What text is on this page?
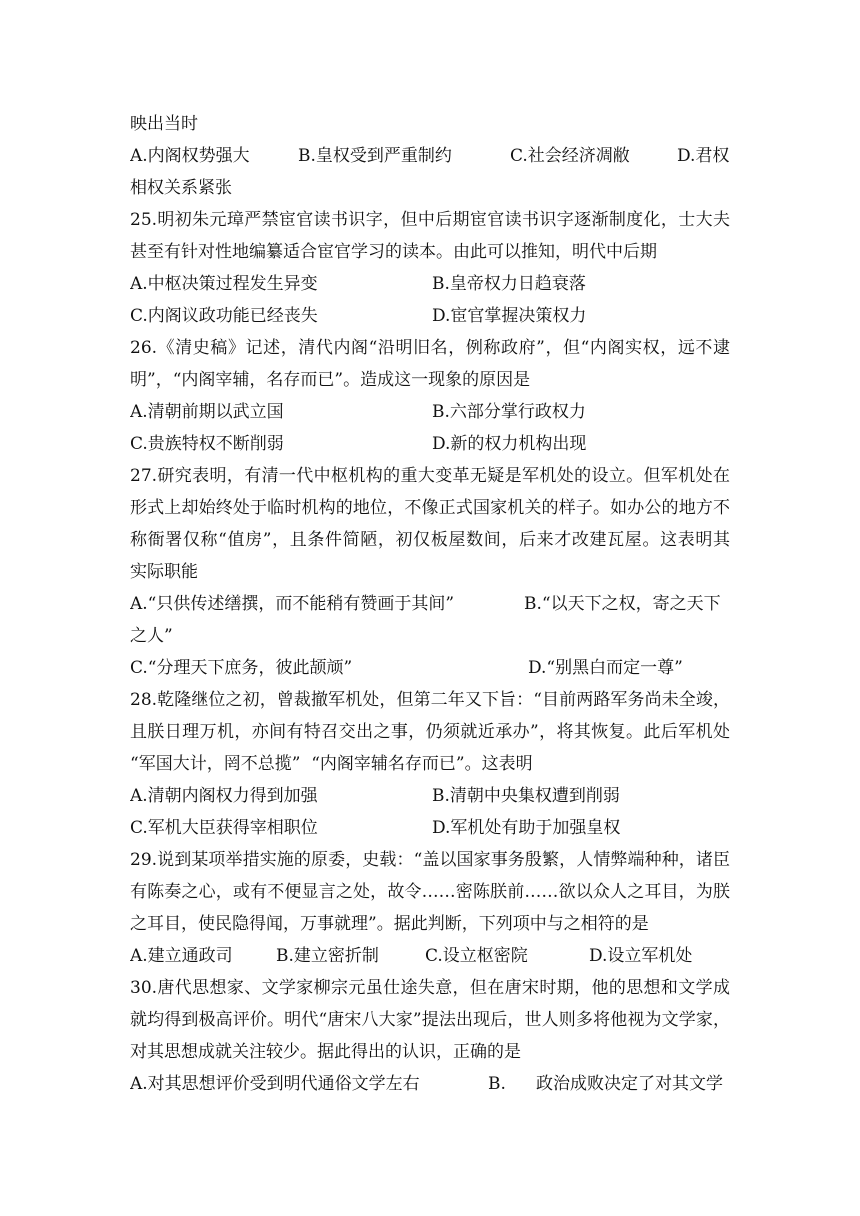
映出当时
A.内阁权势强大	B.皇权受到严重制约	C.社会经济凋敝	D.君权
相权关系紧张
25.明初朱元璋严禁宦官读书识字，但中后期宦官读书识字逐渐制度化，士大夫
甚至有针对性地编纂适合宦官学习的读本。由此可以推知，明代中后期
A.中枢决策过程发生异变	B.皇帝权力日趋衰落
C.内阁议政功能已经丧失	D.宦官掌握决策权力
26.《清史稿》记述，清代内阁“沿明旧名，例称政府”，但“内阁实权，远不逮
明”，“内阁宰辅，名存而已”。造成这一现象的原因是
A.清朝前期以武立国	B.六部分掌行政权力
C.贵族特权不断削弱	D.新的权力机构出现
27.研究表明，有清一代中枢机构的重大变革无疑是军机处的设立。但军机处在
形式上却始终处于临时机构的地位，不像正式国家机关的样子。如办公的地方不
称衙署仅称“值房”，且条件简陋，初仅板屋数间，后来才改建瓦屋。这表明其
实际职能
A.“只供传述缮撰，而不能稍有赞画于其间”	B.“以天下之权，寄之天下
之人”
C.“分理天下庶务，彼此颉颃”	D.“别黑白而定一尊”
28.乾隆继位之初，曾裁撤军机处，但第二年又下旨：“目前两路军务尚未全竣，
且朕日理万机，亦间有特召交出之事，仍须就近承办”，将其恢复。此后军机处
“军国大计，罔不总揽”  “内阁宰辅名存而已”。这表明
A.清朝内阁权力得到加强	B.清朝中央集权遭到削弱
C.军机大臣获得宰相职位	D.军机处有助于加强皇权
29.说到某项举措实施的原委，史载：“盖以国家事务殷繁，人情弊端种种，诸臣
有陈奏之心，或有不便显言之处，故令……密陈朕前……欲以众人之耳目，为朕
之耳目，使民隐得闻，万事就理”。据此判断，下列项中与之相符的是
A.建立通政司	B.建立密折制	C.设立枢密院	D.设立军机处
30.唐代思想家、文学家柳宗元虽仕途失意，但在唐宋时期，他的思想和文学成
就均得到极高评价。明代“唐宋八大家”提法出现后，世人则多将他视为文学家，
对其思想成就关注较少。据此得出的认识，正确的是
A.对其思想评价受到明代通俗文学左右	B. 政治成败决定了对其文学
